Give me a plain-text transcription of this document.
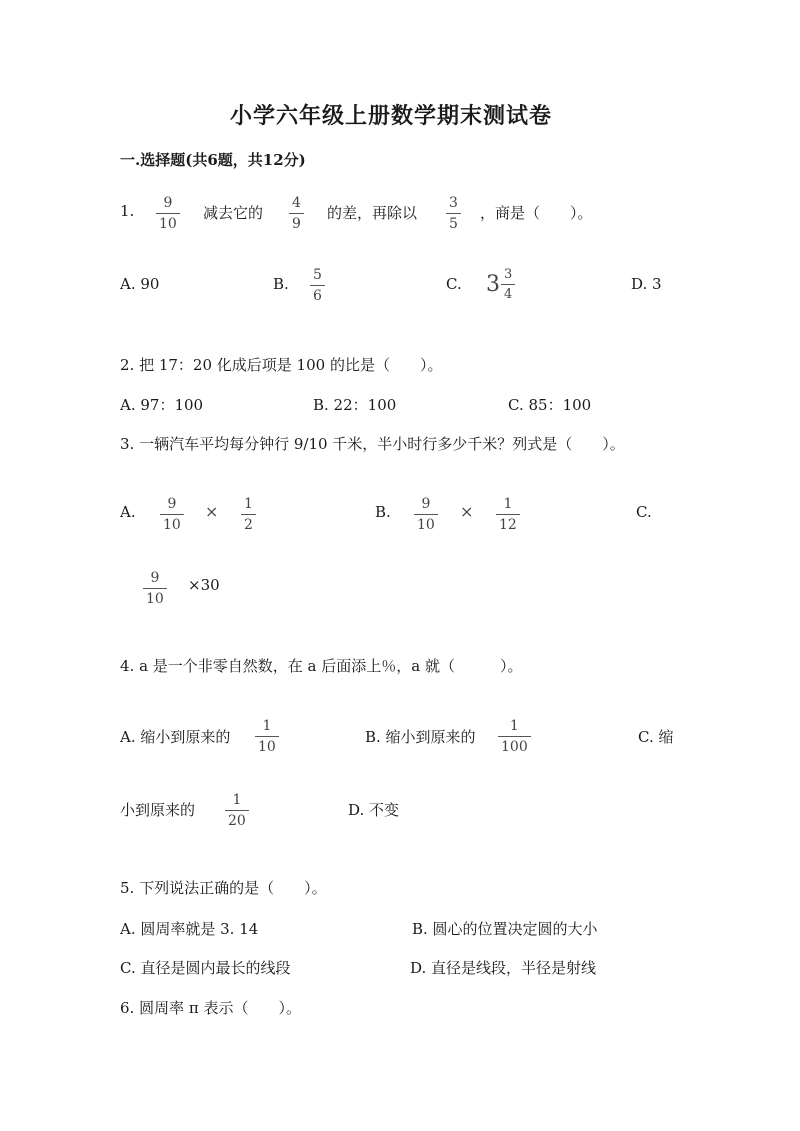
小学六年级上册数学期末测试卷
一.选择题(共6题，共12分)
1. $\frac{9}{10}$ 减去它的 $\frac{4}{9}$ 的差，再除以 $\frac{3}{5}$ ，商是（　　）。
A. 90	B. $\frac{5}{6}$	C. $3 \frac{3}{4}$	D. 3
2. 把 17：20 化成后项是 100 的比是（　　）。
A. 97：100	B. 22：100	C. 85：100
3. 一辆汽车平均每分钟行 9/10 千米，半小时行多少千米？列式是（　　）。
A. $\frac{9}{10} \times \frac{1}{2}$	B. $\frac{9}{10} \times \frac{1}{12}$	C.
$\frac{9}{10} \times 30$
4. a 是一个非零自然数，在 a 后面添上％，a 就（　　　）。
A. 缩小到原来的 $\frac{1}{10}$	B. 缩小到原来的 $\frac{1}{100}$	C. 缩
小到原来的 $\frac{1}{20}$	D. 不变
5. 下列说法正确的是（　　）。
A. 圆周率就是 3. 14	B. 圆心的位置决定圆的大小
C. 直径是圆内最长的线段	D. 直径是线段，半径是射线
6. 圆周率 π 表示（　　）。
